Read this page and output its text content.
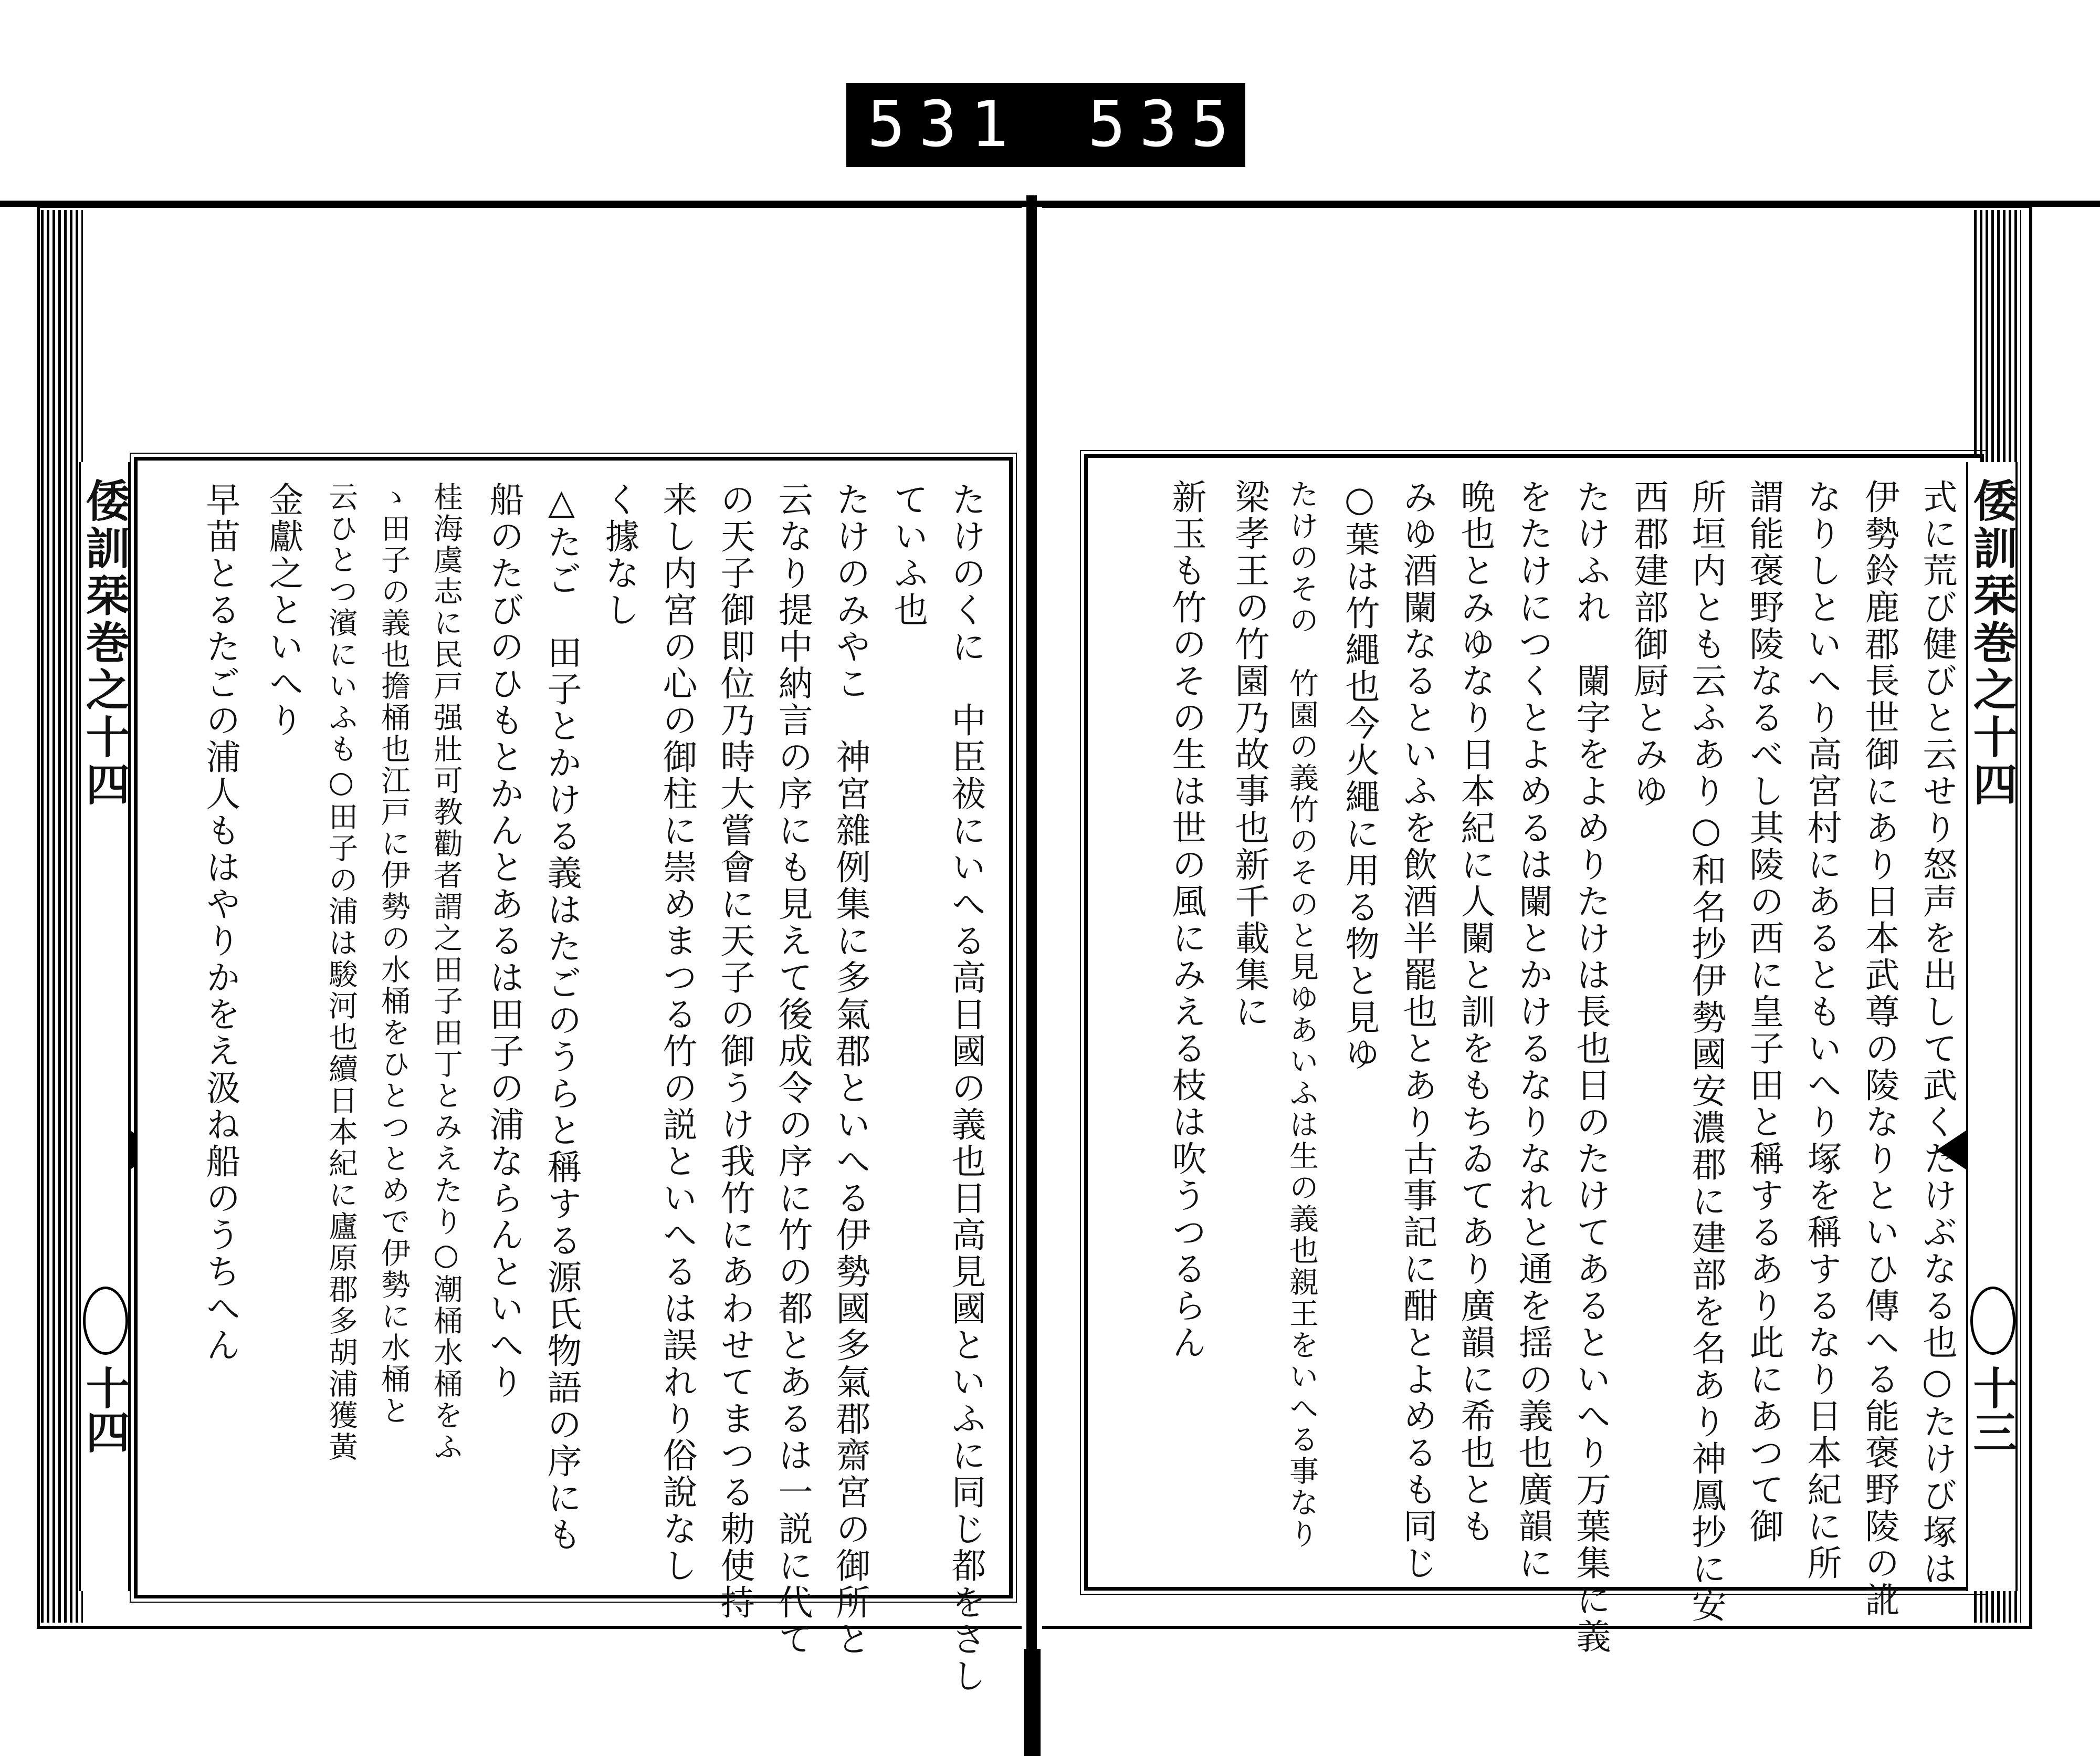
531 535
倭訓栞巻之十四
十四	たけのくに　中臣祓にいへる高日國の義也日高見國といふに同じ都をさし
ていふ也
たけのみやこ　神宮雜例集に多氣郡といへる伊勢國多氣郡齋宮の御所と
云なり提中納言の序にも見えて後成令の序に竹の都とあるは一説に代て
の天子御即位乃時大嘗會に天子の御うけ我竹にあわせてまつる勅使持
来し内宮の心の御柱に崇めまつる竹の説といへるは誤れり俗說なし
く據なし
△たご　田子とかける義はたごのうらと稱する源氏物語の序にも
船のたびのひもとかんとあるは田子の浦ならんといへり
桂海虞志に民戸强壯可教勸者謂之田子田丁とみえたり○潮桶水桶をふ
ゝ田子の義也擔桶也江戸に伊勢の水桶をひとつとめで伊勢に水桶と
云ひとつ濱にいふも○田子の浦は駿河也續日本紀に廬原郡多胡浦獲黃
金獻之といへり
早苗とるたごの浦人もはやりかをえ汲ね船のうちへん	式に荒び健びと云せり怒声を出して武くたけぶなる也○たけび塚は
伊勢鈴鹿郡長世御にあり日本武尊の陵なりといひ傳へる能褒野陵の訛
なりしといへり高宮村にあるともいへり塚を稱するなり日本紀に所
謂能褒野陵なるべし其陵の西に皇子田と稱するあり此にあつて御
所垣内とも云ふあり○和名抄伊勢國安濃郡に建部を名あり神鳳抄に安
西郡建部御厨とみゆ
たけふれ　闌字をよめりたけは長也日のたけてあるといへり万葉集に義
をたけにつくとよめるは闌とかけるなりなれと通を揺の義也廣韻に
晩也とみゆなり日本紀に人闌と訓をもちゐてあり廣韻に希也とも
みゆ酒闌なるといふを飲酒半罷也とあり古事記に酣とよめるも同じ
○葉は竹繩也今火繩に用る物と見ゆ
たけのその　竹園の義竹のそのと見ゆあいふは生の義也親王をいへる事なり
梁孝王の竹園乃故事也新千載集に
新玉も竹のその生は世の風にみえる枝は吹うつるらん	倭訓栞巻之十四
十三
